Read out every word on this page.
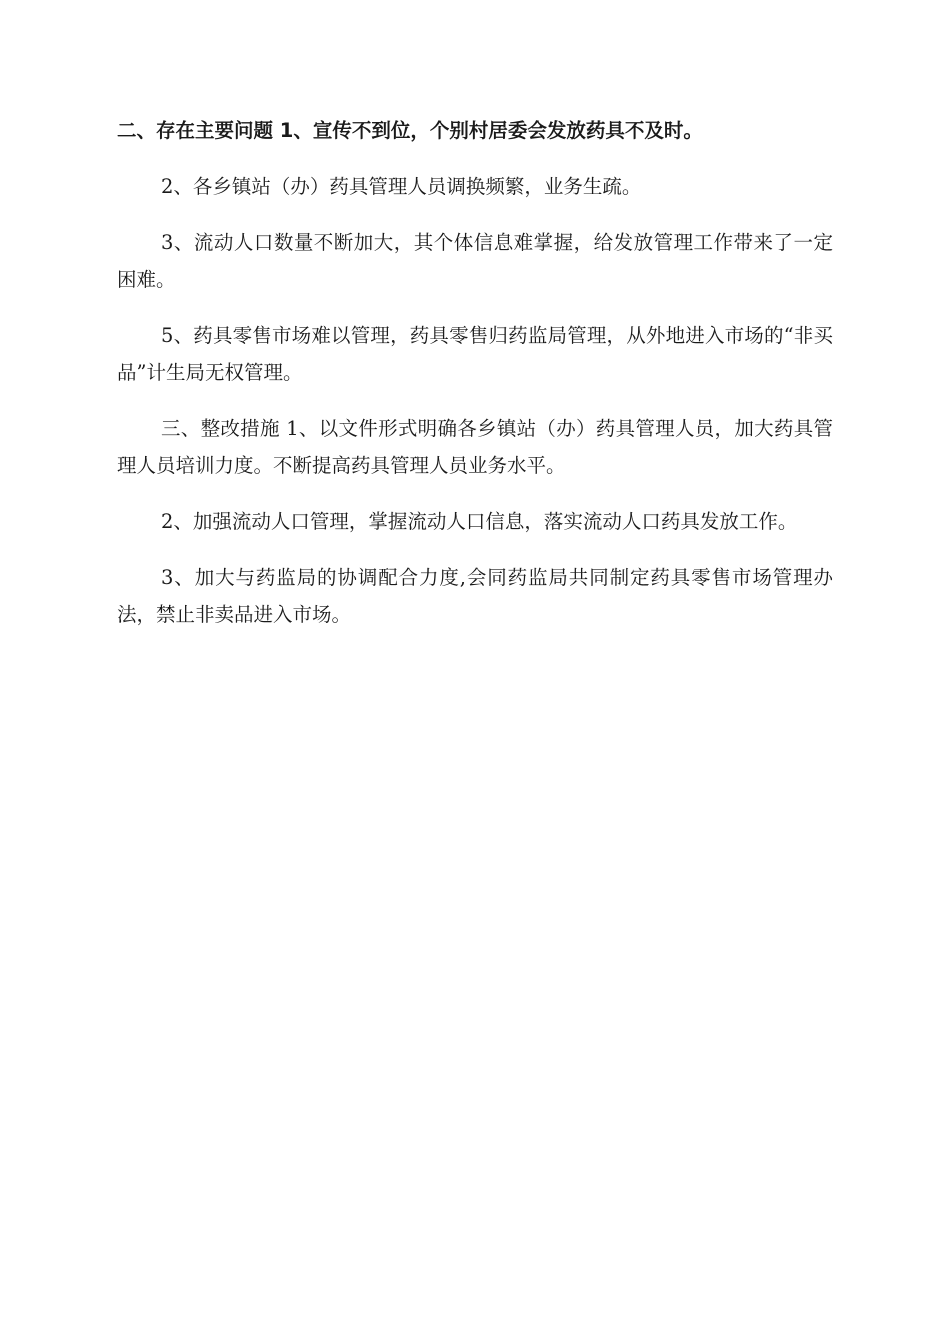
二、存在主要问题 1、宣传不到位，个别村居委会发放药具不及时。

2、各乡镇站（办）药具管理人员调换频繁，业务生疏。

3、流动人口数量不断加大，其个体信息难掌握，给发放管理工作带来了一定困难。

5、药具零售市场难以管理，药具零售归药监局管理，从外地进入市场的“非买品”计生局无权管理。

三、整改措施 1、以文件形式明确各乡镇站（办）药具管理人员，加大药具管理人员培训力度。不断提高药具管理人员业务水平。

2、加强流动人口管理，掌握流动人口信息，落实流动人口药具发放工作。

3、加大与药监局的协调配合力度,会同药监局共同制定药具零售市场管理办法，禁止非卖品进入市场。
